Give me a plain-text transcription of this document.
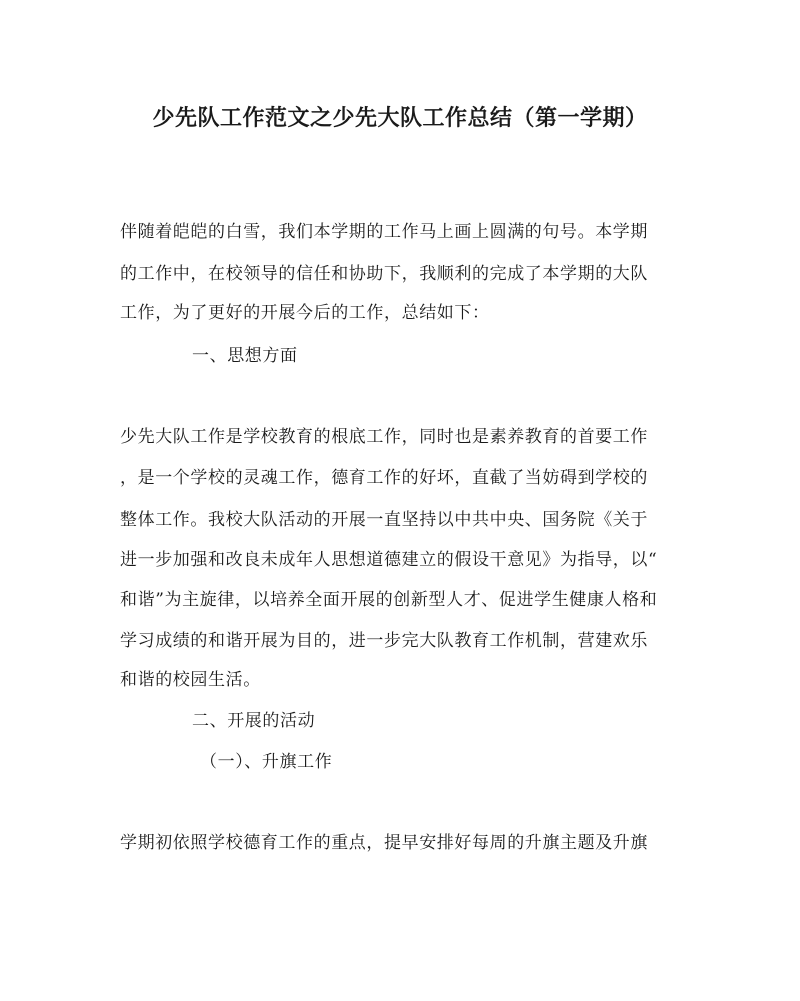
少先队工作范文之少先大队工作总结（第一学期）

伴随着皑皑的白雪，我们本学期的工作马上画上圆满的句号。本学期

的工作中，在校领导的信任和协助下，我顺利的完成了本学期的大队

工作，为了更好的开展今后的工作，总结如下：

一、思想方面

少先大队工作是学校教育的根底工作，同时也是素养教育的首要工作

，是一个学校的灵魂工作，德育工作的好坏，直截了当妨碍到学校的

整体工作。我校大队活动的开展一直坚持以中共中央、国务院《关于

进一步加强和改良未成年人思想道德建立的假设干意见》为指导，以“

和谐”为主旋律，以培养全面开展的创新型人才、促进学生健康人格和

学习成绩的和谐开展为目的，进一步完大队教育工作机制，营建欢乐

和谐的校园生活。

二、开展的活动

（一）、升旗工作

学期初依照学校德育工作的重点，提早安排好每周的升旗主题及升旗
